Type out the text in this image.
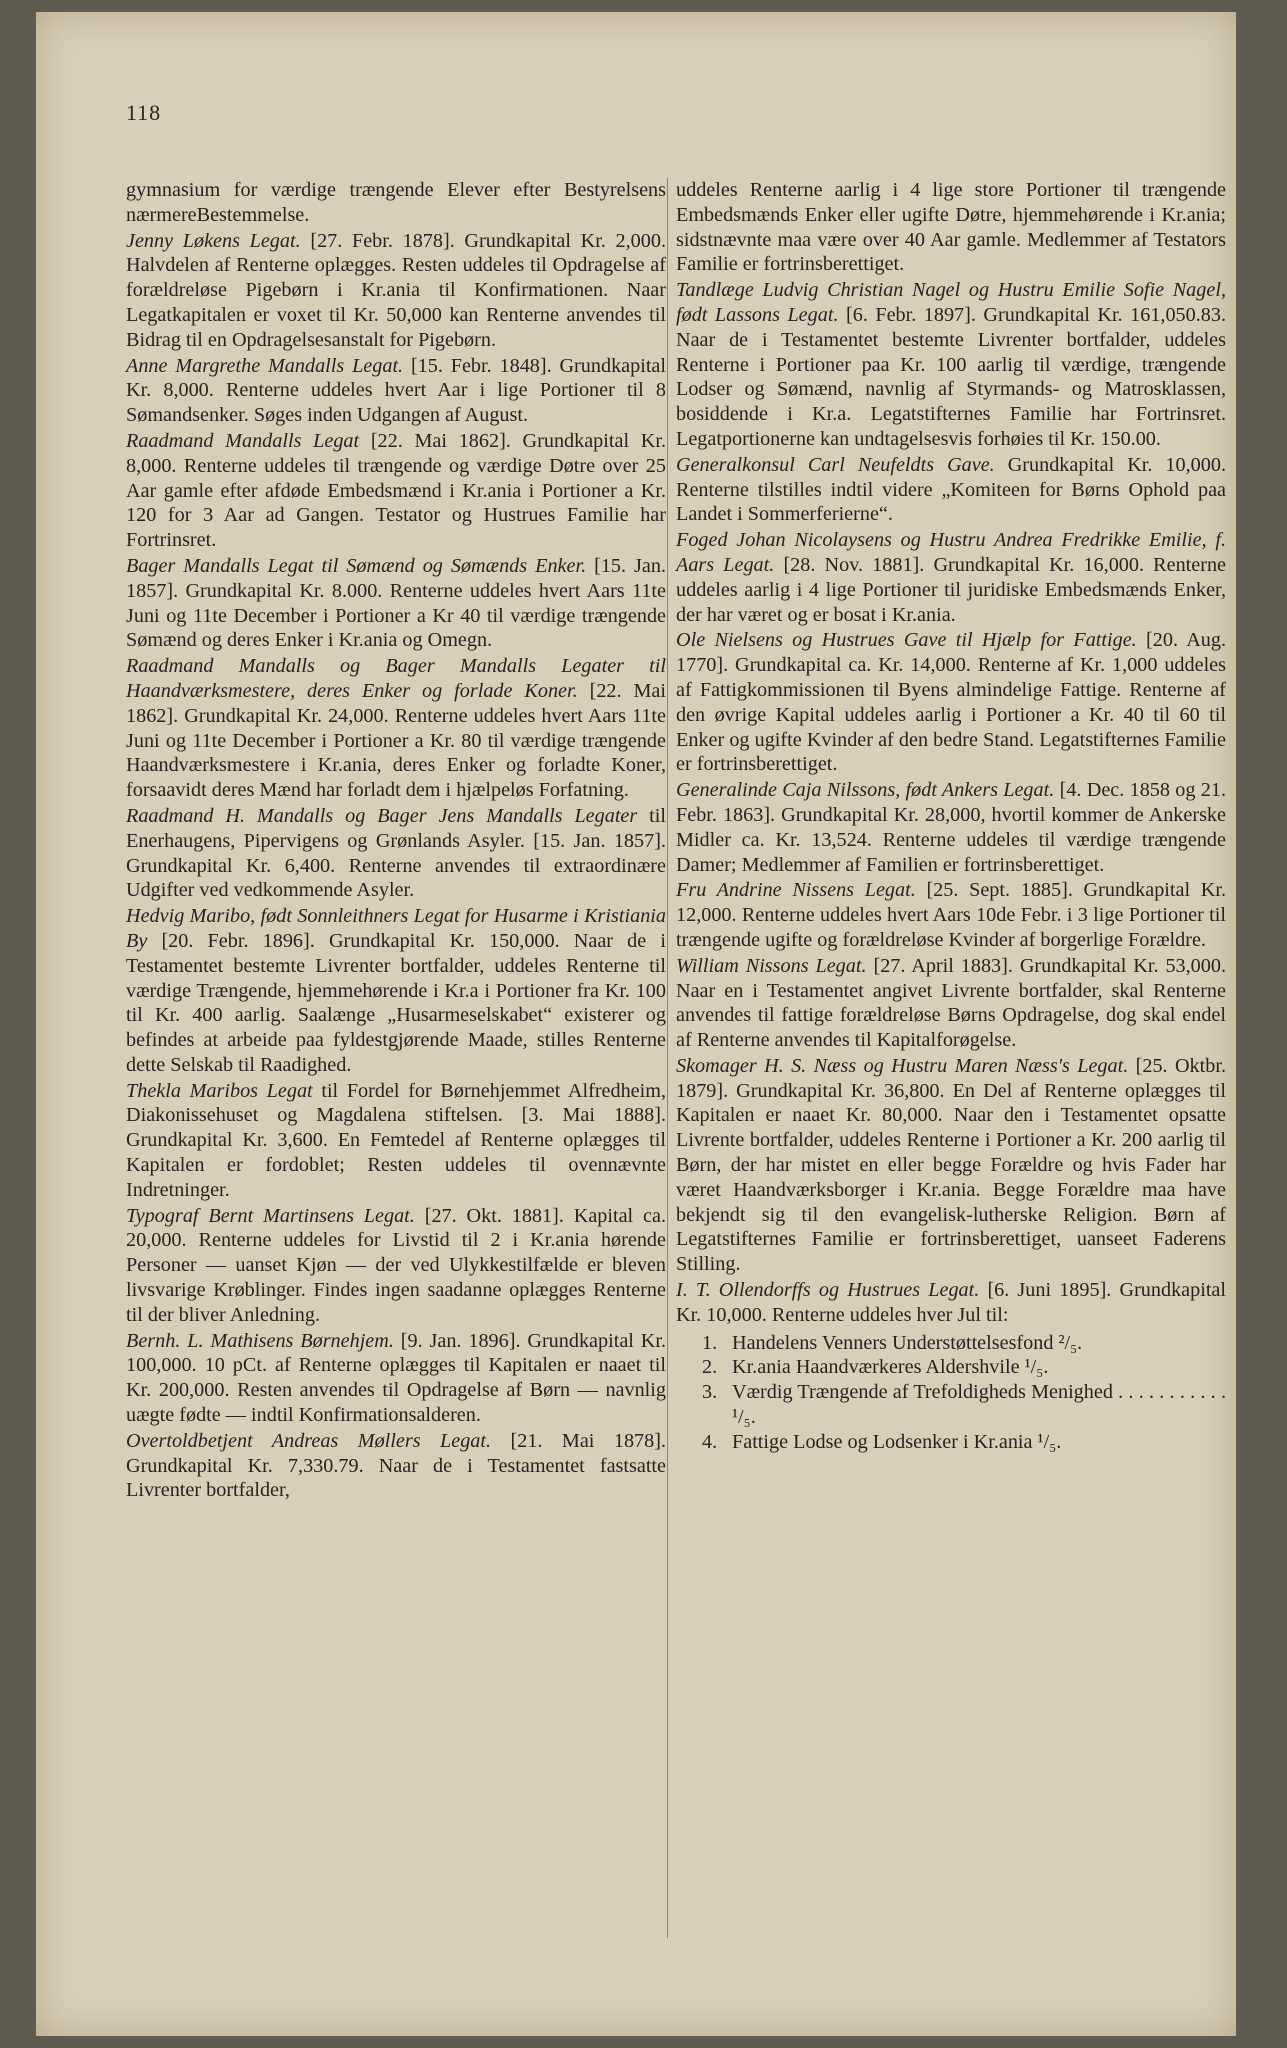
118
gymnasium for værdige trængende Elever efter Bestyrelsens nærmereBestemmelse.
Jenny Løkens Legat. [27. Febr. 1878]. Grundkapital Kr. 2,000. Halvdelen af Renterne oplægges. Resten uddeles til Opdragelse af forældreløse Pigebørn i Kr.ania til Konfirmationen. Naar Legatkapitalen er voxet til Kr. 50,000 kan Renterne anvendes til Bidrag til en Opdragelsesanstalt for Pigebørn.
Anne Margrethe Mandalls Legat. [15. Febr. 1848]. Grundkapital Kr. 8,000. Renterne uddeles hvert Aar i lige Portioner til 8 Sømandsenker. Søges inden Udgangen af August.
Raadmand Mandalls Legat [22. Mai 1862]. Grundkapital Kr. 8,000. Renterne uddeles til trængende og værdige Døtre over 25 Aar gamle efter afdøde Embedsmænd i Kr.ania i Portioner a Kr. 120 for 3 Aar ad Gangen. Testator og Hustrues Familie har Fortrinsret.
Bager Mandalls Legat til Sømænd og Sømænds Enker. [15. Jan. 1857]. Grundkapital Kr. 8.000. Renterne uddeles hvert Aars 11te Juni og 11te December i Portioner a Kr 40 til værdige trængende Sømænd og deres Enker i Kr.ania og Omegn.
Raadmand Mandalls og Bager Mandalls Legater til Haandværksmestere, deres Enker og forlade Koner. [22. Mai 1862]. Grundkapital Kr. 24,000. Renterne uddeles hvert Aars 11te Juni og 11te December i Portioner a Kr. 80 til værdige trængende Haandværksmestere i Kr.ania, deres Enker og forladte Koner, forsaavidt deres Mænd har forladt dem i hjælpeløs Forfatning.
Raadmand H. Mandalls og Bager Jens Mandalls Legater til Enerhaugens, Pipervigens og Grønlands Asyler. [15. Jan. 1857]. Grundkapital Kr. 6,400. Renterne anvendes til extraordinære Udgifter ved vedkommende Asyler.
Hedvig Maribo, født Sonnleithners Legat for Husarme i Kristiania By [20. Febr. 1896]. Grundkapital Kr. 150,000. Naar de i Testamentet bestemte Livrenter bortfalder, uddeles Renterne til værdige Trængende, hjemmehørende i Kr.a i Portioner fra Kr. 100 til Kr. 400 aarlig. Saalænge „Husarmeselskabet“ existerer og befindes at arbeide paa fyldestgjørende Maade, stilles Renterne dette Selskab til Raadighed.
Thekla Maribos Legat til Fordel for Børnehjemmet Alfredheim, Diakonissehuset og Magdalena stiftelsen. [3. Mai 1888]. Grundkapital Kr. 3,600. En Femtedel af Renterne oplægges til Kapitalen er fordoblet; Resten uddeles til ovennævnte Indretninger.
Typograf Bernt Martinsens Legat. [27. Okt. 1881]. Kapital ca. 20,000. Renterne uddeles for Livstid til 2 i Kr.ania hørende Personer — uanset Kjøn — der ved Ulykkestilfælde er bleven livsvarige Krøblinger. Findes ingen saadanne oplægges Renterne til der bliver Anledning.
Bernh. L. Mathisens Børnehjem. [9. Jan. 1896]. Grundkapital Kr. 100,000. 10 pCt. af Renterne oplægges til Kapitalen er naaet til Kr. 200,000. Resten anvendes til Opdragelse af Børn — navnlig uægte fødte — indtil Konfirmationsalderen.
Overtoldbetjent Andreas Møllers Legat. [21. Mai 1878]. Grundkapital Kr. 7,330.79. Naar de i Testamentet fastsatte Livrenter bortfalder,
uddeles Renterne aarlig i 4 lige store Portioner til trængende Embedsmænds Enker eller ugifte Døtre, hjemmehørende i Kr.ania; sidstnævnte maa være over 40 Aar gamle. Medlemmer af Testators Familie er fortrinsberettiget.
Tandlæge Ludvig Christian Nagel og Hustru Emilie Sofie Nagel, født Lassons Legat. [6. Febr. 1897]. Grundkapital Kr. 161,050.83. Naar de i Testamentet bestemte Livrenter bortfalder, uddeles Renterne i Portioner paa Kr. 100 aarlig til værdige, trængende Lodser og Sømænd, navnlig af Styrmands- og Matrosklassen, bosiddende i Kr.a. Legatstifternes Familie har Fortrinsret. Legatportionerne kan undtagelsesvis forhøies til Kr. 150.00.
Generalkonsul Carl Neufeldts Gave. Grundkapital Kr. 10,000. Renterne tilstilles indtil videre „Komiteen for Børns Ophold paa Landet i Sommerferierne“.
Foged Johan Nicolaysens og Hustru Andrea Fredrikke Emilie, f. Aars Legat. [28. Nov. 1881]. Grundkapital Kr. 16,000. Renterne uddeles aarlig i 4 lige Portioner til juridiske Embedsmænds Enker, der har været og er bosat i Kr.ania.
Ole Nielsens og Hustrues Gave til Hjælp for Fattige. [20. Aug. 1770]. Grundkapital ca. Kr. 14,000. Renterne af Kr. 1,000 uddeles af Fattigkommissionen til Byens almindelige Fattige. Renterne af den øvrige Kapital uddeles aarlig i Portioner a Kr. 40 til 60 til Enker og ugifte Kvinder af den bedre Stand. Legatstifternes Familie er fortrinsberettiget.
Generalinde Caja Nilssons, født Ankers Legat. [4. Dec. 1858 og 21. Febr. 1863]. Grundkapital Kr. 28,000, hvortil kommer de Ankerske Midler ca. Kr. 13,524. Renterne uddeles til værdige trængende Damer; Medlemmer af Familien er fortrinsberettiget.
Fru Andrine Nissens Legat. [25. Sept. 1885]. Grundkapital Kr. 12,000. Renterne uddeles hvert Aars 10de Febr. i 3 lige Portioner til trængende ugifte og forældreløse Kvinder af borgerlige Forældre.
William Nissons Legat. [27. April 1883]. Grundkapital Kr. 53,000. Naar en i Testamentet angivet Livrente bortfalder, skal Renterne anvendes til fattige forældreløse Børns Opdragelse, dog skal endel af Renterne anvendes til Kapitalforøgelse.
Skomager H. S. Næss og Hustru Maren Næss's Legat. [25. Oktbr. 1879]. Grundkapital Kr. 36,800. En Del af Renterne oplægges til Kapitalen er naaet Kr. 80,000. Naar den i Testamentet opsatte Livrente bortfalder, uddeles Renterne i Portioner a Kr. 200 aarlig til Børn, der har mistet en eller begge Forældre og hvis Fader har været Haandværksborger i Kr.ania. Begge Forældre maa have bekjendt sig til den evangelisk-lutherske Religion. Børn af Legatstifternes Familie er fortrinsberettiget, uanseet Faderens Stilling.
I. T. Ollendorffs og Hustrues Legat. [6. Juni 1895]. Grundkapital Kr. 10,000. Renterne uddeles hver Jul til:
1. Handelens Venners Understøttelsesfond ²/₅.
2. Kr.ania Haandværkeres Aldershvile ¹/₅.
3. Værdig Trængende af Trefoldigheds Menighed . . . . . . . . . . . ¹/₅.
4. Fattige Lodse og Lodsenker i Kr.ania ¹/₅.
